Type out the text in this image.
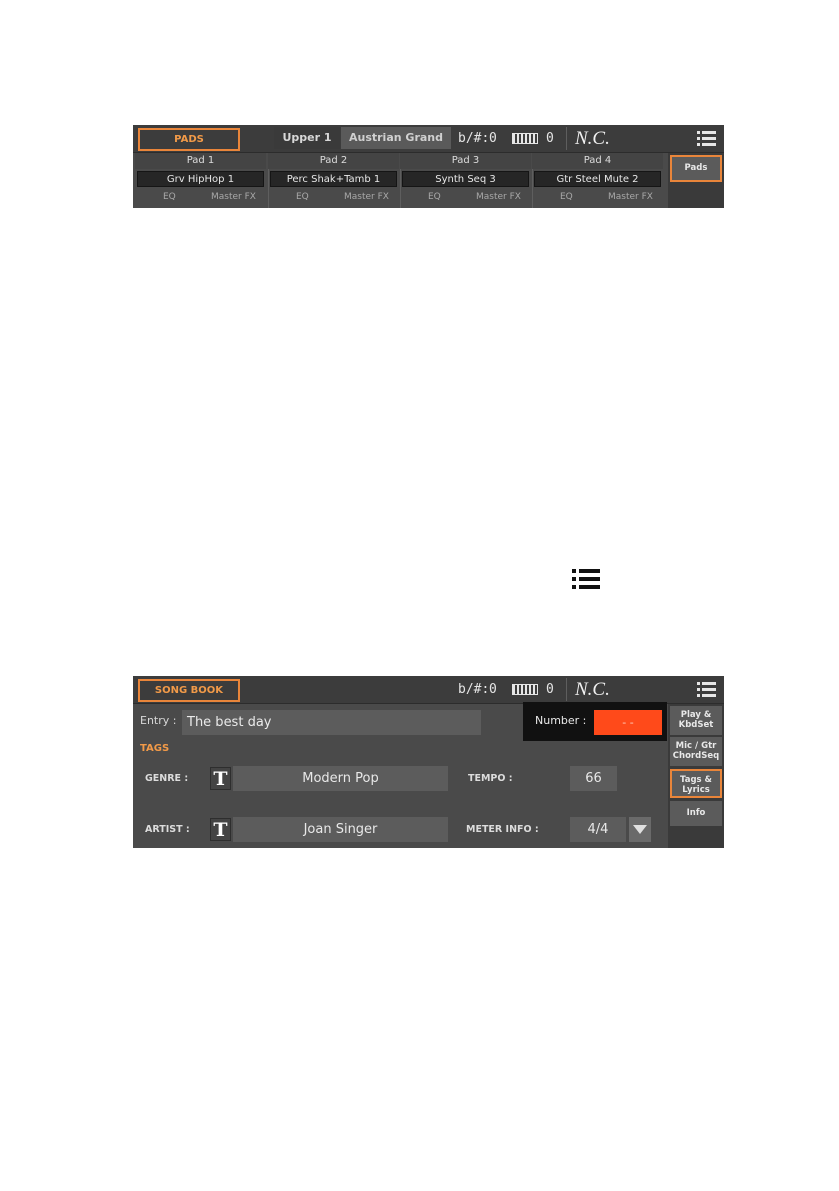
PADS	Upper 1	Austrian Grand	b/#: 0	0 N.C.
Pad 1
Grv HipHop 1
EQ	Master FX
Pad 2
Perc Shak+Tamb 1
EQ	Master FX
Pad 3
Synth Seq 3
EQ	Master FX
Pad 4
Gtr Steel Mute 2
EQ	Master FX
Pads
SONG BOOK	b/#: 0	0 N.C.
Entry : The best day	Number :	- -
TAGS
GENRE : T	Modern Pop
ARTIST : T	Joan Singer
TEMPO :	66
METER INFO :	4/4
Play &
KbdSet
Mic / Gtr
ChordSeq
Tags &
Lyrics
Info
